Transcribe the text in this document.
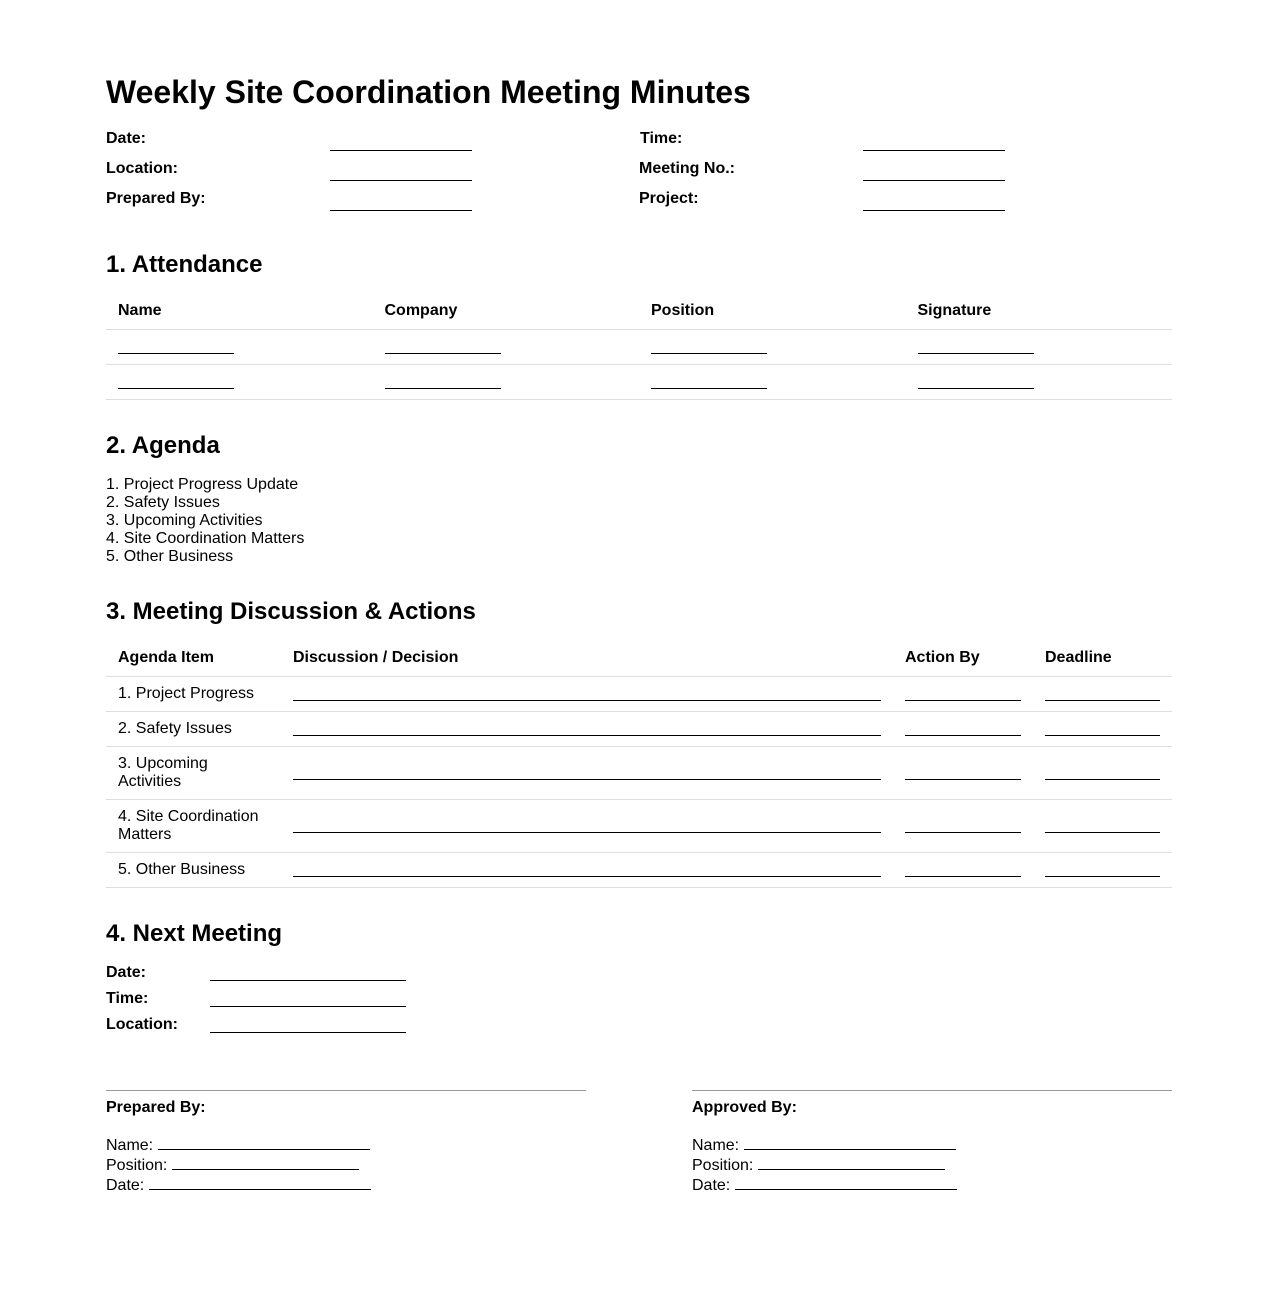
Weekly Site Coordination Meeting Minutes
Date:	Time:
Location:	Meeting No.:
Prepared By:	Project:
1. Attendance
Name	Company	Position	Signature

2. Agenda
1. Project Progress Update
2. Safety Issues
3. Upcoming Activities
4. Site Coordination Matters
5. Other Business
3. Meeting Discussion & Actions
Agenda Item	Discussion / Decision	Action By	Deadline
1. Project Progress	

2. Safety Issues	

3. Upcoming Activities	

4. Site Coordination Matters	

5. Other Business	

4. Next Meeting
Date:
Time:
Location:
Prepared By:
Name:
Position:
Date:
Approved By:
Name:
Position:
Date:
